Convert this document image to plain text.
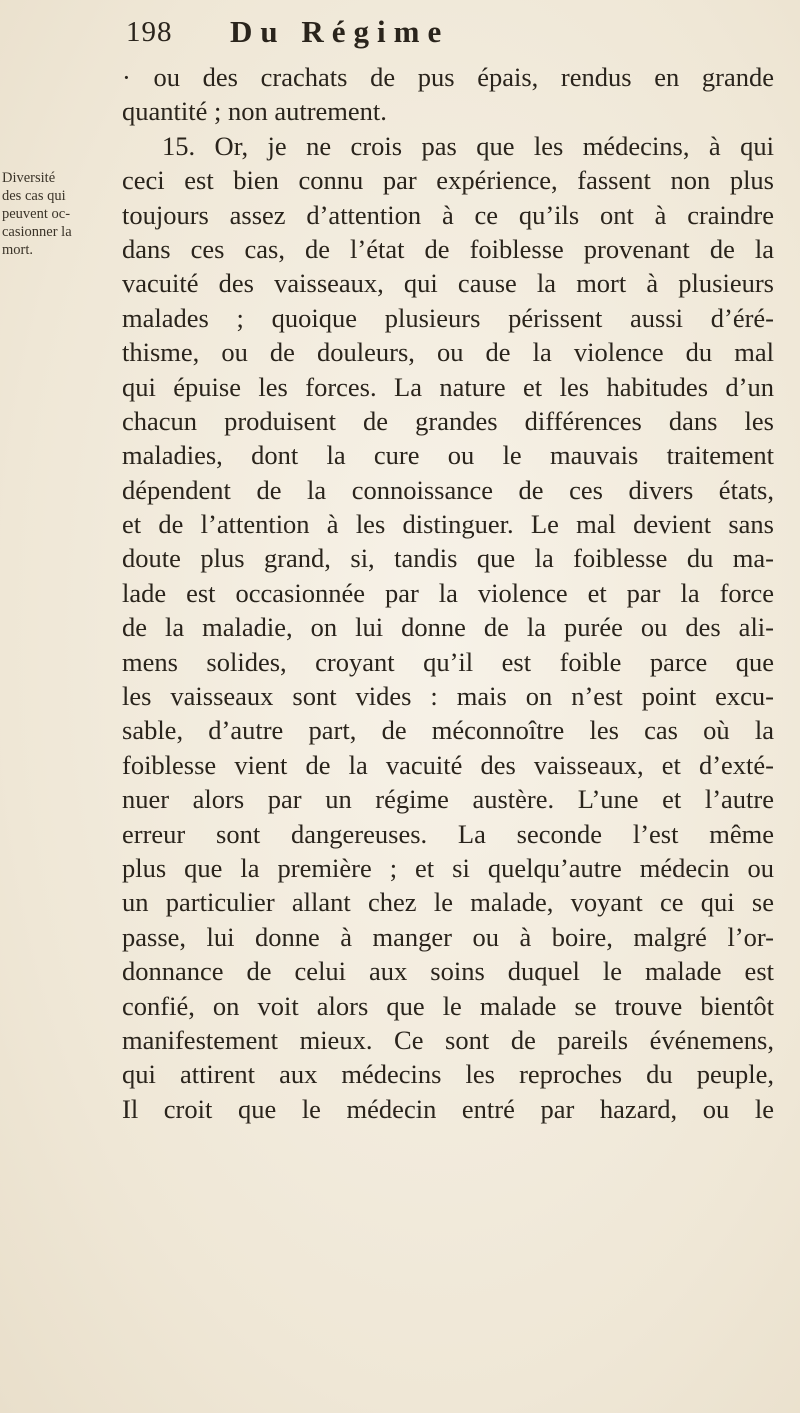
198 Du Régime
Diversité
des cas qui
peuvent oc-
casionner la
mort.
· ou des crachats de pus épais, rendus en grande
quantité ; non autrement.
15. Or, je ne crois pas que les médecins, à qui
ceci est bien connu par expérience, fassent non plus
toujours assez d’attention à ce qu’ils ont à craindre
dans ces cas, de l’état de foiblesse provenant de la
vacuité des vaisseaux, qui cause la mort à plusieurs
malades ; quoique plusieurs périssent aussi d’éré-
thisme, ou de douleurs, ou de la violence du mal
qui épuise les forces. La nature et les habitudes d’un
chacun produisent de grandes différences dans les
maladies, dont la cure ou le mauvais traitement
dépendent de la connoissance de ces divers états,
et de l’attention à les distinguer. Le mal devient sans
doute plus grand, si, tandis que la foiblesse du ma-
lade est occasionnée par la violence et par la force
de la maladie, on lui donne de la purée ou des ali-
mens solides, croyant qu’il est foible parce que
les vaisseaux sont vides : mais on n’est point excu-
sable, d’autre part, de méconnoître les cas où la
foiblesse vient de la vacuité des vaisseaux, et d’exté-
nuer alors par un régime austère. L’une et l’autre
erreur sont dangereuses. La seconde l’est même
plus que la première ; et si quelqu’autre médecin ou
un particulier allant chez le malade, voyant ce qui se
passe, lui donne à manger ou à boire, malgré l’or-
donnance de celui aux soins duquel le malade est
confié, on voit alors que le malade se trouve bientôt
manifestement mieux. Ce sont de pareils événemens,
qui attirent aux médecins les reproches du peuple,
Il croit que le médecin entré par hazard, ou le
